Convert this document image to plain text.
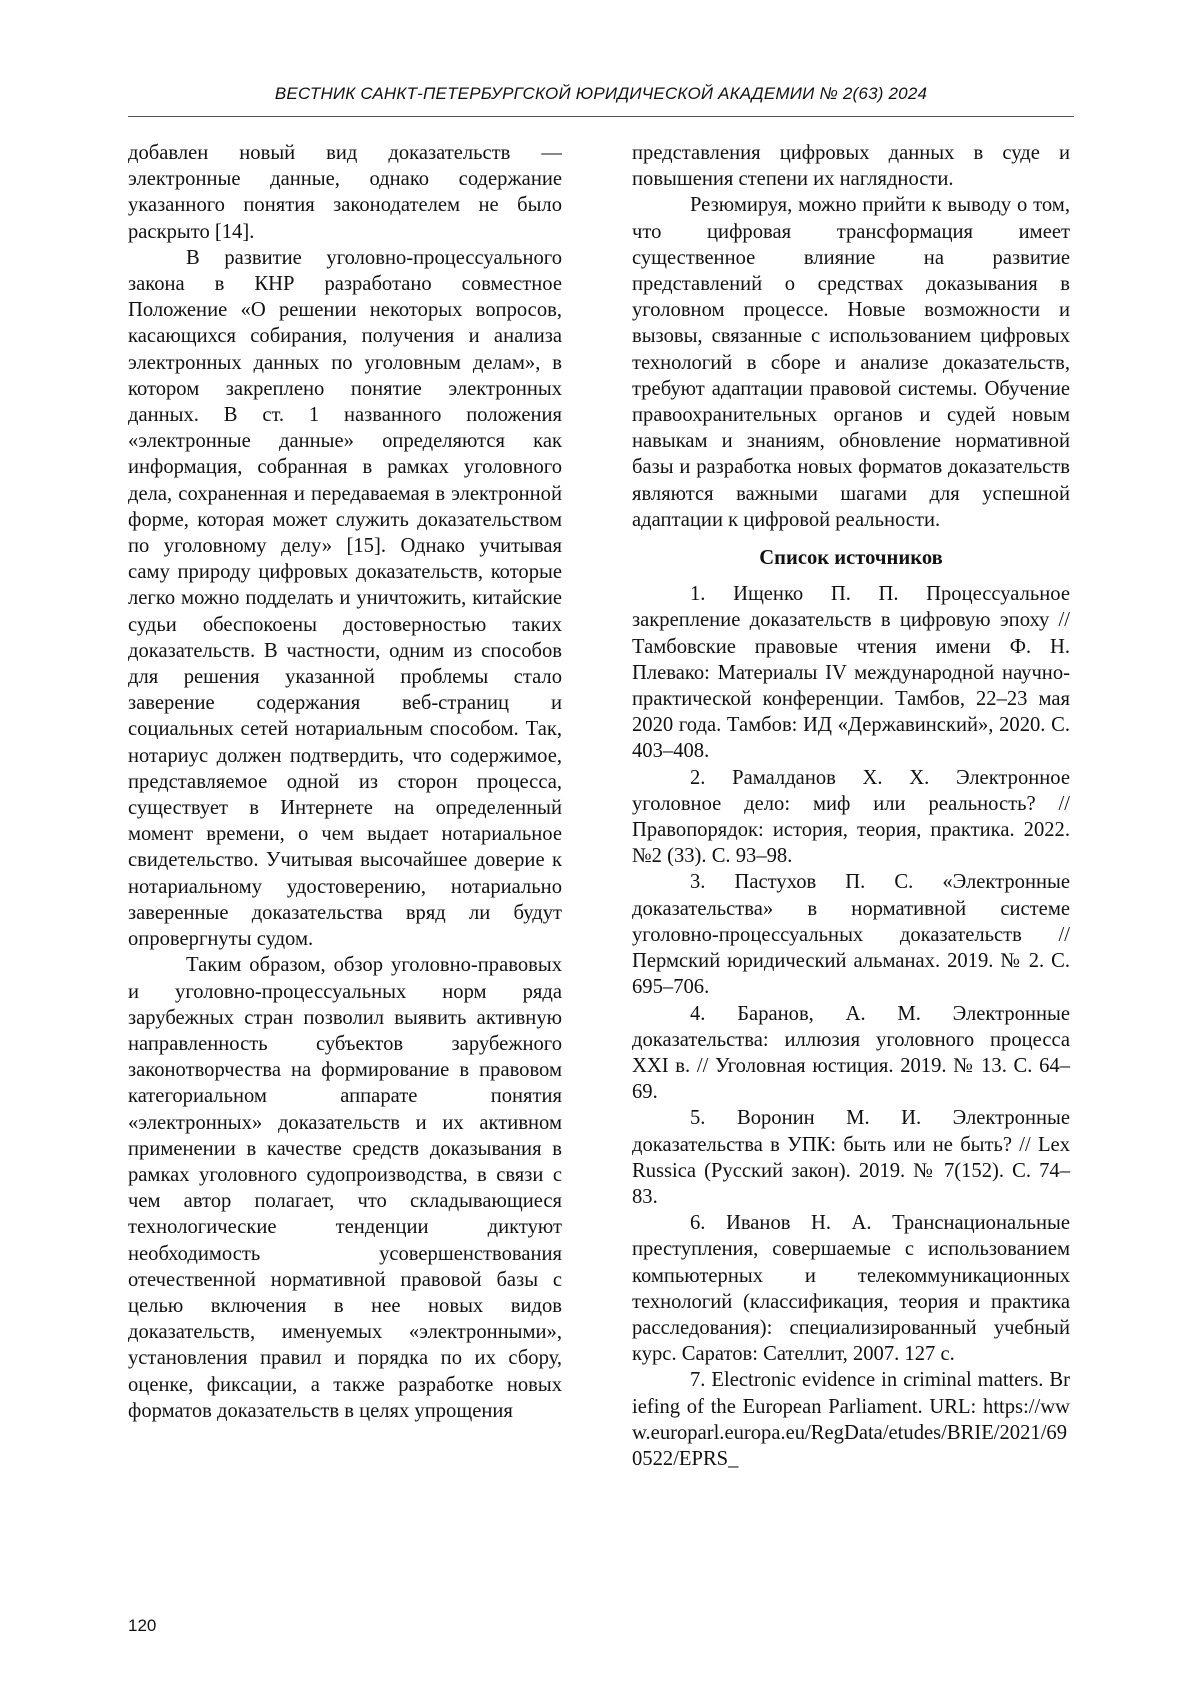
ВЕСТНИК САНКТ-ПЕТЕРБУРГСКОЙ ЮРИДИЧЕСКОЙ АКАДЕМИИ № 2(63) 2024

добавлен новый вид доказательств — электронные данные, однако содержание указанного понятия законодателем не было раскрыто [14].

В развитие уголовно-процессуального закона в КНР разработано совместное Положение «О решении некоторых вопросов, касающихся собирания, получения и анализа электронных данных по уголовным делам», в котором закреплено понятие электронных данных. В ст. 1 названного положения «электронные данные» определяются как информация, собранная в рамках уголовного дела, сохраненная и передаваемая в электронной форме, которая может служить доказательством по уголовному делу» [15]. Однако учитывая саму природу цифровых доказательств, которые легко можно подделать и уничтожить, китайские судьи обеспокоены достоверностью таких доказательств. В частности, одним из способов для решения указанной проблемы стало заверение содержания веб-страниц и социальных сетей нотариальным способом. Так, нотариус должен подтвердить, что содержимое, представляемое одной из сторон процесса, существует в Интернете на определенный момент времени, о чем выдает нотариальное свидетельство. Учитывая высочайшее доверие к нотариальному удостоверению, нотариально заверенные доказательства вряд ли будут опровергнуты судом.

Таким образом, обзор уголовно-правовых и уголовно-процессуальных норм ряда зарубежных стран позволил выявить активную направленность субъектов зарубежного законотворчества на формирование в правовом категориальном аппарате понятия «электронных» доказательств и их активном применении в качестве средств доказывания в рамках уголовного судопроизводства, в связи с чем автор полагает, что складывающиеся технологические тенденции диктуют необходимость усовершенствования отечественной нормативной правовой базы с целью включения в нее новых видов доказательств, именуемых «электронными», установления правил и порядка по их сбору, оценке, фиксации, а также разработке новых форматов доказательств в целях упрощения

представления цифровых данных в суде и повышения степени их наглядности.

Резюмируя, можно прийти к выводу о том, что цифровая трансформация имеет существенное влияние на развитие представлений о средствах доказывания в уголовном процессе. Новые возможности и вызовы, связанные с использованием цифровых технологий в сборе и анализе доказательств, требуют адаптации правовой системы. Обучение правоохранительных органов и судей новым навыкам и знаниям, обновление нормативной базы и разработка новых форматов доказательств являются важными шагами для успешной адаптации к цифровой реальности.

Список источников

1. Ищенко П. П. Процессуальное закрепление доказательств в цифровую эпоху // Тамбовские правовые чтения имени Ф. Н. Плевако: Материалы IV международной научно-практической конференции. Тамбов, 22–23 мая 2020 года. Тамбов: ИД «Державинский», 2020. С. 403–408.

2. Рамалданов Х. Х. Электронное уголовное дело: миф или реальность? // Правопорядок: история, теория, практика. 2022. №2 (33). С. 93–98.

3. Пастухов П. С. «Электронные доказательства» в нормативной системе уголовно-процессуальных доказательств // Пермский юридический альманах. 2019. № 2. С. 695–706.

4. Баранов, А. М. Электронные доказательства: иллюзия уголовного процесса XXI в. // Уголовная юстиция. 2019. № 13. С. 64–69.

5. Воронин М. И. Электронные доказательства в УПК: быть или не быть? // Lex Russica (Русский закон). 2019. № 7(152). С. 74–83.

6. Иванов Н. А. Транснациональные преступления, совершаемые с использованием компьютерных и телекоммуникационных технологий (классификация, теория и практика расследования): специализированный учебный курс. Саратов: Сателлит, 2007. 127 с.

7. Electronic evidence in criminal matters. Briefing of the European Parliament. URL: https://www.europarl.europa.eu/RegData/etudes/BRIE/2021/690522/EPRS_

120
